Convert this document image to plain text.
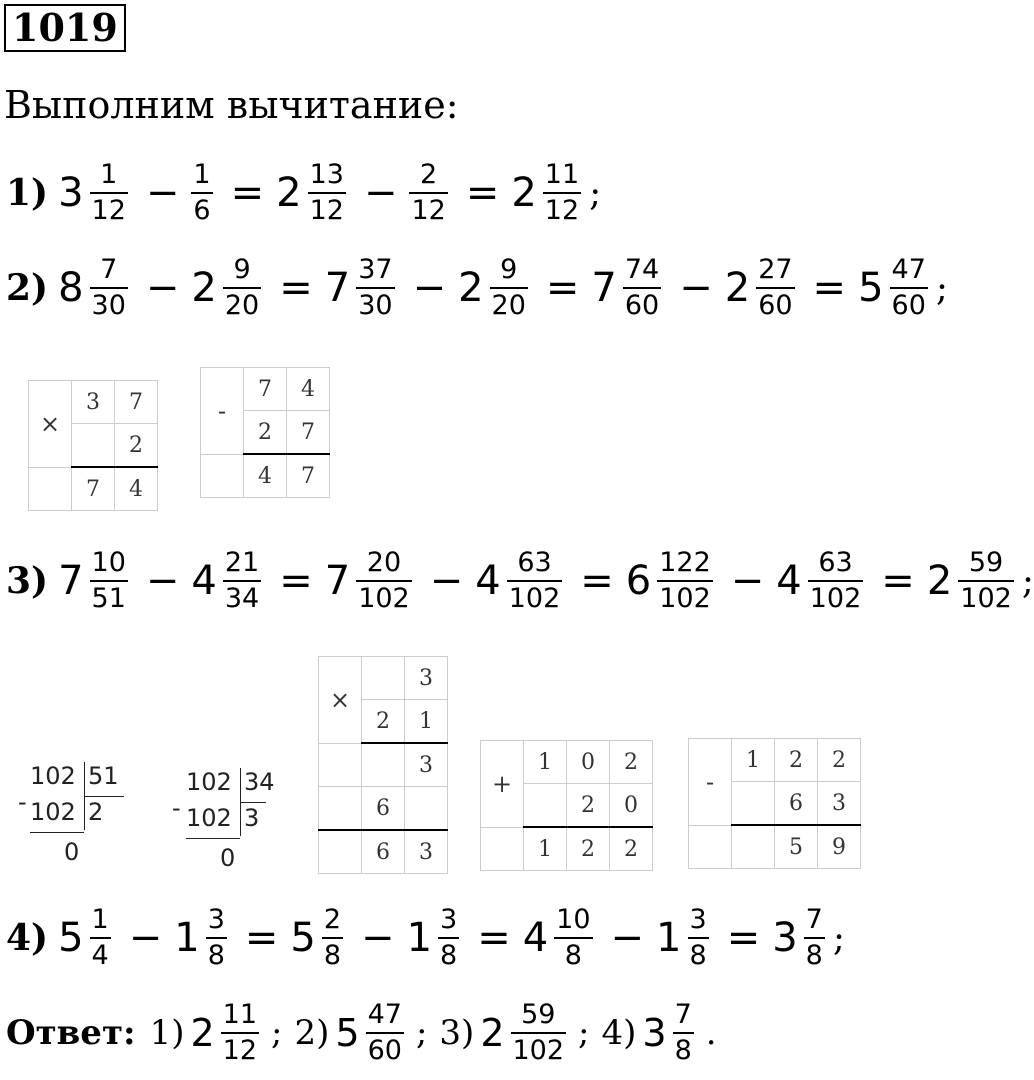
1019
Выполним вычитание:
1) $3 \frac{1}{12} - \frac{1}{6} = 2 \frac{13}{12} - \frac{2}{12} = 2 \frac{11}{12}$ ;
2) $8 \frac{7}{30} - 2 \frac{9}{20} = 7 \frac{37}{30} - 2 \frac{9}{20} = 7 \frac{74}{60} - 2 \frac{27}{60} = 5 \frac{47}{60}$ ;
×	3	7
		2
	7	4
-	7	4
	2	7
	4	7
3) $7 \frac{10}{51} - 4 \frac{21}{34} = 7 \frac{20}{102} - 4 \frac{63}{102} = 6 \frac{122}{102} - 4 \frac{63}{102} = 2 \frac{59}{102}$ ;
-
102 51
102 2
0
-
102 34
102 3
0
×		3
	2	1
		3
	6	
	6	3
+	1	0	2
		2	0
	1	2	2
-	1	2	2
		6	3
		5	9
4) $5 \frac{1}{4} - 1 \frac{3}{8} = 5 \frac{2}{8} - 1 \frac{3}{8} = 4 \frac{10}{8} - 1 \frac{3}{8} = 3 \frac{7}{8}$ ;
Ответ: 1) $2 \frac{11}{12}$ ; 2) $5 \frac{47}{60}$ ; 3) $2 \frac{59}{102}$ ; 4) $3 \frac{7}{8}$ .
